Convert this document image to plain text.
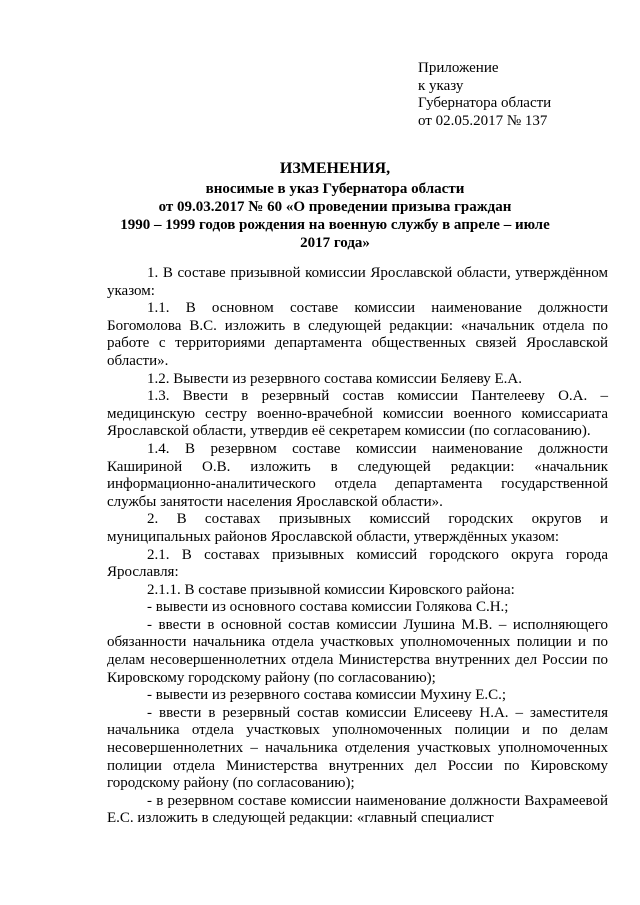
Приложение
к указу
Губернатора области
от 02.05.2017 № 137
ИЗМЕНЕНИЯ,
вносимые в указ Губернатора области
от 09.03.2017 № 60 «О проведении призыва граждан
1990 – 1999 годов рождения на военную службу в апреле – июле
2017 года»

1. В составе призывной комиссии Ярославской области, утверждённом указом:

1.1. В основном составе комиссии наименование должности Богомолова В.С. изложить в следующей редакции: «начальник отдела по работе с территориями департамента общественных связей Ярославской области».

1.2. Вывести из резервного состава комиссии Беляеву Е.А.

1.3. Ввести в резервный состав комиссии Пантелееву О.А. – медицинскую сестру военно-врачебной комиссии военного комиссариата Ярославской области, утвердив её секретарем комиссии (по согласованию).

1.4. В резервном составе комиссии наименование должности Кашириной О.В. изложить в следующей редакции: «начальник информационно-аналитического отдела департамента государственной службы занятости населения Ярославской области».

2. В составах призывных комиссий городских округов и муниципальных районов Ярославской области, утверждённых указом:

2.1. В составах призывных комиссий городского округа города Ярославля:

2.1.1. В составе призывной комиссии Кировского района:

- вывести из основного состава комиссии Голякова С.Н.;

- ввести в основной состав комиссии Лушина М.В. – исполняющего обязанности начальника отдела участковых уполномоченных полиции и по делам несовершеннолетних отдела Министерства внутренних дел России по Кировскому городскому району (по согласованию);

- вывести из резервного состава комиссии Мухину Е.С.;

- ввести в резервный состав комиссии Елисееву Н.А. – заместителя начальника отдела участковых уполномоченных полиции и по делам несовершеннолетних – начальника отделения участковых уполномоченных полиции отдела Министерства внутренних дел России по Кировскому городскому району (по согласованию);

- в резервном составе комиссии наименование должности Вахрамеевой Е.С. изложить в следующей редакции: «главный специалист
